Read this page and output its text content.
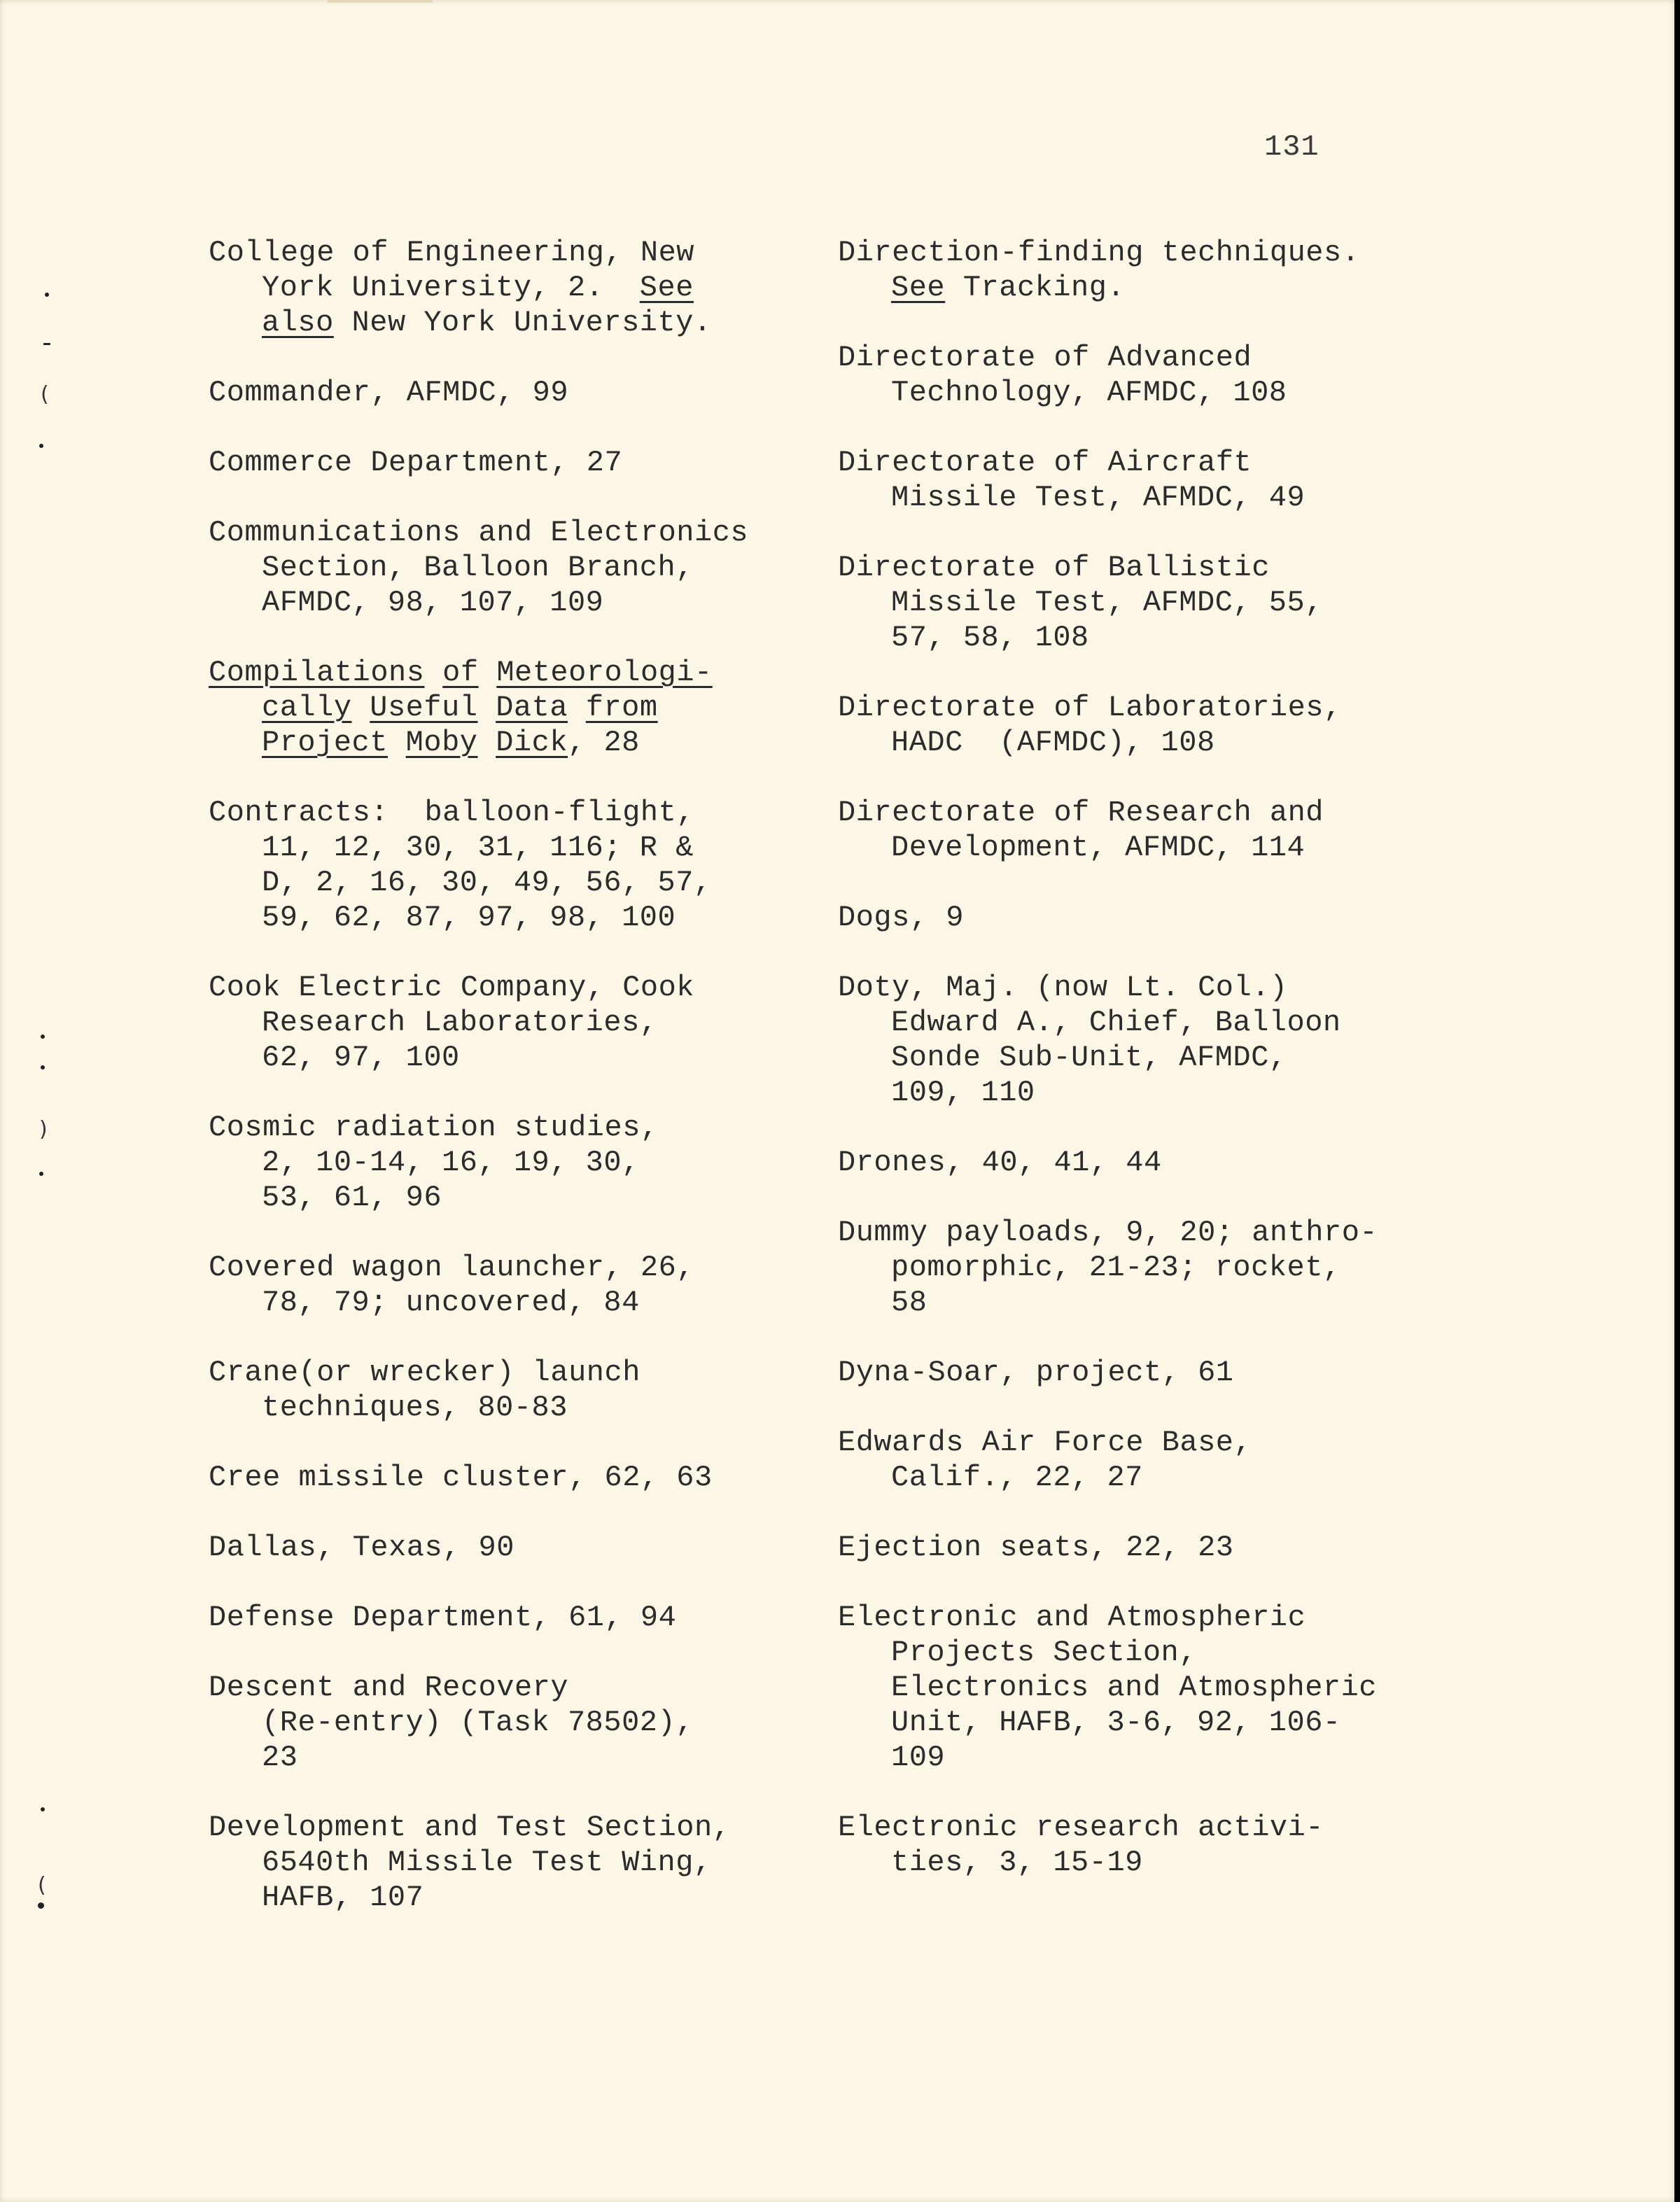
131
College of Engineering, New
York University, 2.  See
also New York University.
Commander, AFMDC, 99
Commerce Department, 27
Communications and Electronics
Section, Balloon Branch,
AFMDC, 98, 107, 109
Compilations of Meteorologi-
cally Useful Data from
Project Moby Dick, 28
Contracts:  balloon-flight,
11, 12, 30, 31, 116; R &
D, 2, 16, 30, 49, 56, 57,
59, 62, 87, 97, 98, 100
Cook Electric Company, Cook
Research Laboratories,
62, 97, 100
Cosmic radiation studies,
2, 10-14, 16, 19, 30,
53, 61, 96
Covered wagon launcher, 26,
78, 79; uncovered, 84
Crane(or wrecker) launch
techniques, 80-83
Cree missile cluster, 62, 63
Dallas, Texas, 90
Defense Department, 61, 94
Descent and Recovery
(Re-entry) (Task 78502),
23
Development and Test Section,
6540th Missile Test Wing,
HAFB, 107
Direction-finding techniques.
See Tracking.
Directorate of Advanced
Technology, AFMDC, 108
Directorate of Aircraft
Missile Test, AFMDC, 49
Directorate of Ballistic
Missile Test, AFMDC, 55,
57, 58, 108
Directorate of Laboratories,
HADC  (AFMDC), 108
Directorate of Research and
Development, AFMDC, 114
Dogs, 9
Doty, Maj. (now Lt. Col.)
Edward A., Chief, Balloon
Sonde Sub-Unit, AFMDC,
109, 110
Drones, 40, 41, 44
Dummy payloads, 9, 20; anthro-
pomorphic, 21-23; rocket,
58
Dyna-Soar, project, 61
Edwards Air Force Base,
Calif., 22, 27
Ejection seats, 22, 23
Electronic and Atmospheric
Projects Section,
Electronics and Atmospheric
Unit, HAFB, 3-6, 92, 106-
109
Electronic research activi-
ties, 3, 15-19
(
)
(
